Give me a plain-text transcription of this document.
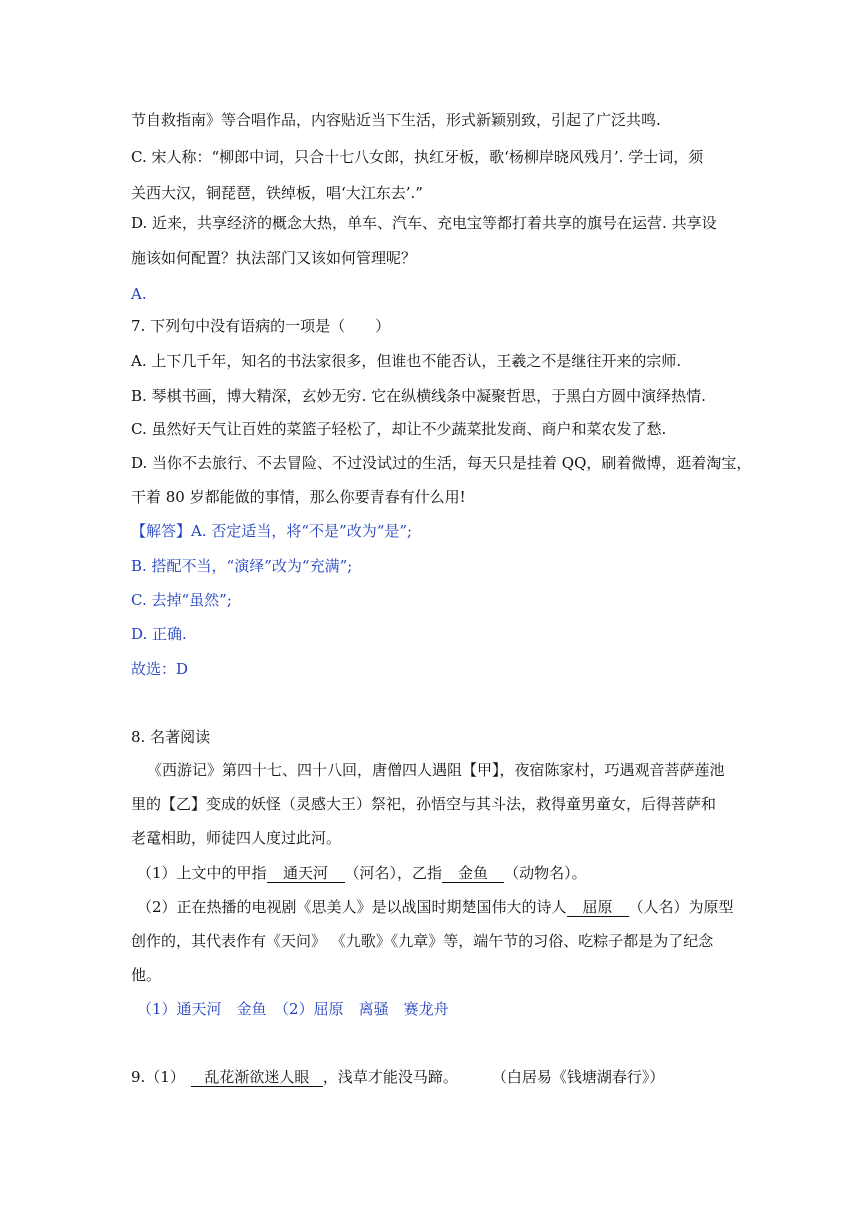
节自救指南》等合唱作品，内容贴近当下生活，形式新颖别致，引起了广泛共鸣.
C. 宋人称：“柳郎中词，只合十七八女郎，执红牙板，歌‘杨柳岸晓风残月’. 学士词，须
关西大汉，铜琵琶，铁绰板，唱‘大江东去’.”
D. 近来，共享经济的概念大热，单车、汽车、充电宝等都打着共享的旗号在运营. 共享设
施该如何配置？执法部门又该如何管理呢？
A.
7. 下列句中没有语病的一项是（　　）
A. 上下几千年，知名的书法家很多，但谁也不能否认，王羲之不是继往开来的宗师.
B. 琴棋书画，博大精深，玄妙无穷. 它在纵横线条中凝聚哲思，于黑白方圆中演绎热情.
C. 虽然好天气让百姓的菜篮子轻松了，却让不少蔬菜批发商、商户和菜农发了愁.
D. 当你不去旅行、不去冒险、不过没试过的生活，每天只是挂着 QQ，刷着微博，逛着淘宝，
干着 80 岁都能做的事情，那么你要青春有什么用!
【解答】A. 否定适当，将“不是”改为“是”;
B. 搭配不当，“演绎”改为“充满”;
C. 去掉“虽然”;
D. 正确.
故选：D
8. 名著阅读
《西游记》第四十七、四十八回，唐僧四人遇阻【甲】，夜宿陈家村，巧遇观音菩萨莲池
里的【乙】变成的妖怪（灵感大王）祭祀，孙悟空与其斗法，救得童男童女，后得菩萨和
老鼋相助，师徒四人度过此河。
（1）上文中的甲指 通天河 （河名），乙指 金鱼 （动物名）。
（2）正在热播的电视剧《思美人》是以战国时期楚国伟大的诗人 屈原 （人名）为原型
创作的，其代表作有《天问》 《九歌》《九章》等，端午节的习俗、吃粽子都是为了纪念
他。
（1）通天河　金鱼　（2）屈原　离骚　赛龙舟
9.（1） 乱花渐欲迷人眼 ，浅草才能没马蹄。 （白居易《钱塘湖春行》）
